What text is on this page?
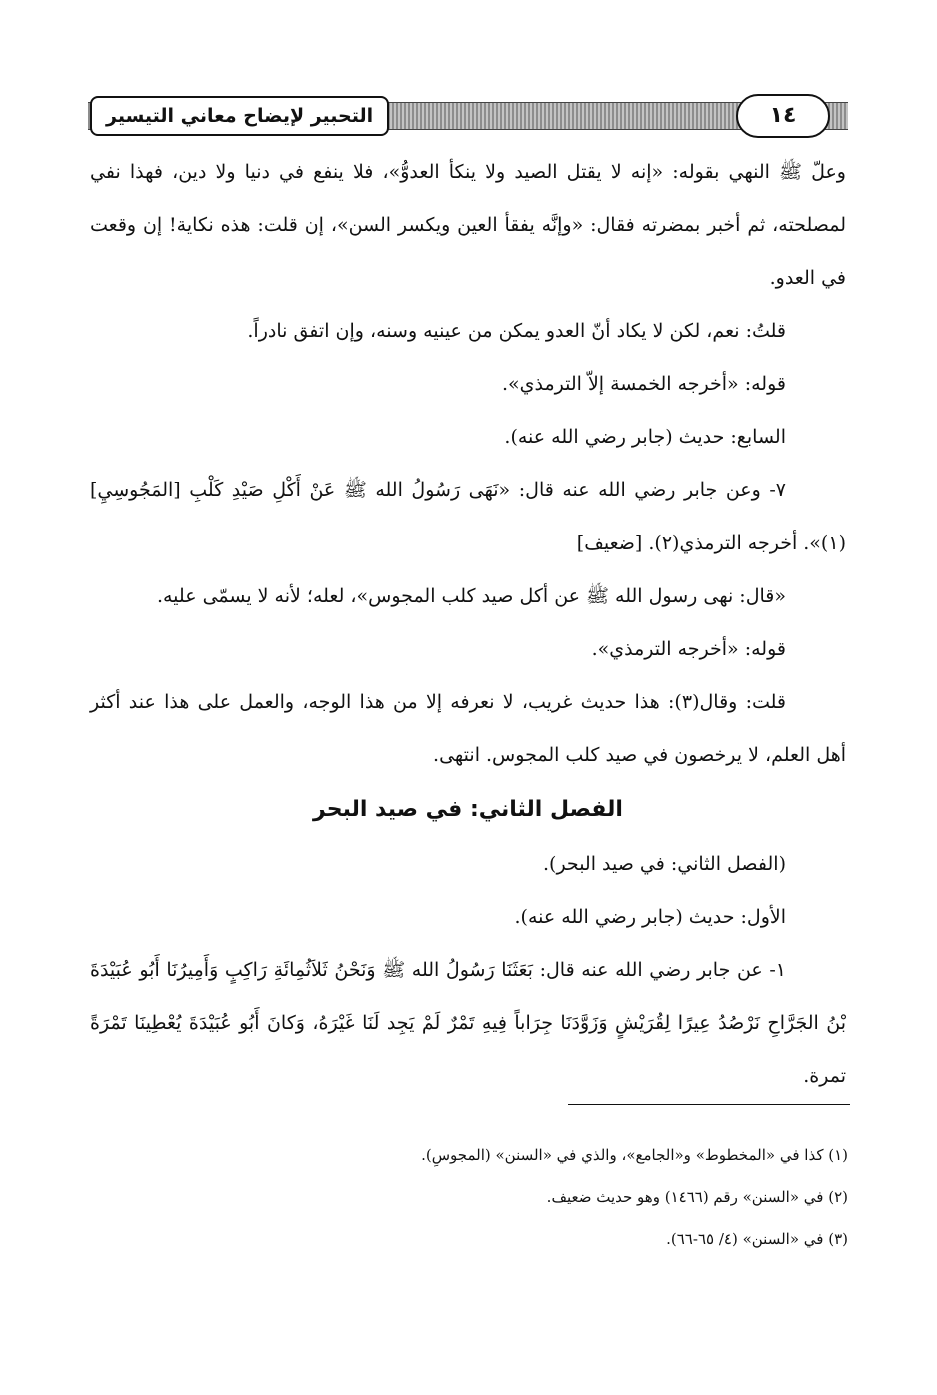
التحبير لإيضاح معاني التيسير	١٤

وعلّ ﷺ النهي بقوله: «إنه لا يقتل الصيد ولا ينكأ العدوُّ»، فلا ينفع في دنيا ولا دين، فهذا نفي لمصلحته، ثم أخبر بمضرته فقال: «وإنَّه يفقأ العين ويكسر السن»، إن قلت: هذه نكاية! إن وقعت في العدو.

قلتُ: نعم، لكن لا يكاد أنّ العدو يمكن من عينيه وسنه، وإن اتفق نادراً.

قوله: «أخرجه الخمسة إلاّ الترمذي».

السابع: حديث (جابر رضي الله عنه).

٧- وعن جابر رضي الله عنه قال: «نَهَى رَسُولُ الله ﷺ عَنْ أَكْلِ صَيْدِ كَلْبِ [المَجُوسِيِ](١)». أخرجه الترمذي(٢). [ضعيف]

«قال: نهى رسول الله ﷺ عن أكل صيد كلب المجوس»، لعله؛ لأنه لا يسمّى عليه.

قوله: «أخرجه الترمذي».

قلت: وقال(٣): هذا حديث غريب، لا نعرفه إلا من هذا الوجه، والعمل على هذا عند أكثر أهل العلم، لا يرخصون في صيد كلب المجوس. انتهى.

الفصل الثاني: في صيد البحر

(الفصل الثاني: في صيد البحر).

الأول: حديث (جابر رضي الله عنه).

١- عن جابر رضي الله عنه قال: بَعَثَنَا رَسُولُ الله ﷺ وَنَحْنُ ثَلاَثُمِائَةِ رَاكِبٍ وَأَمِيرُنَا أَبُو عُبَيْدَةَ بْنُ الجَرَّاحِ نَرْصُدُ عِيرًا لِقُرَيْشٍ وَزَوَّدَنَا جِرَاباً فِيهِ تَمْرٌ لَمْ يَجِد لَنَا غَيْرَهُ، وَكانَ أَبُو عُبَيْدَةَ يُعْطِينَا تَمْرَةً تمرة.

(١) كذا في «المخطوط» و«الجامع»، والذي في «السنن» (المجوسِ).

(٢) في «السنن» رقم (١٤٦٦) وهو حديث ضعيف.

(٣) في «السنن» (٤/ ٦٥-٦٦).
